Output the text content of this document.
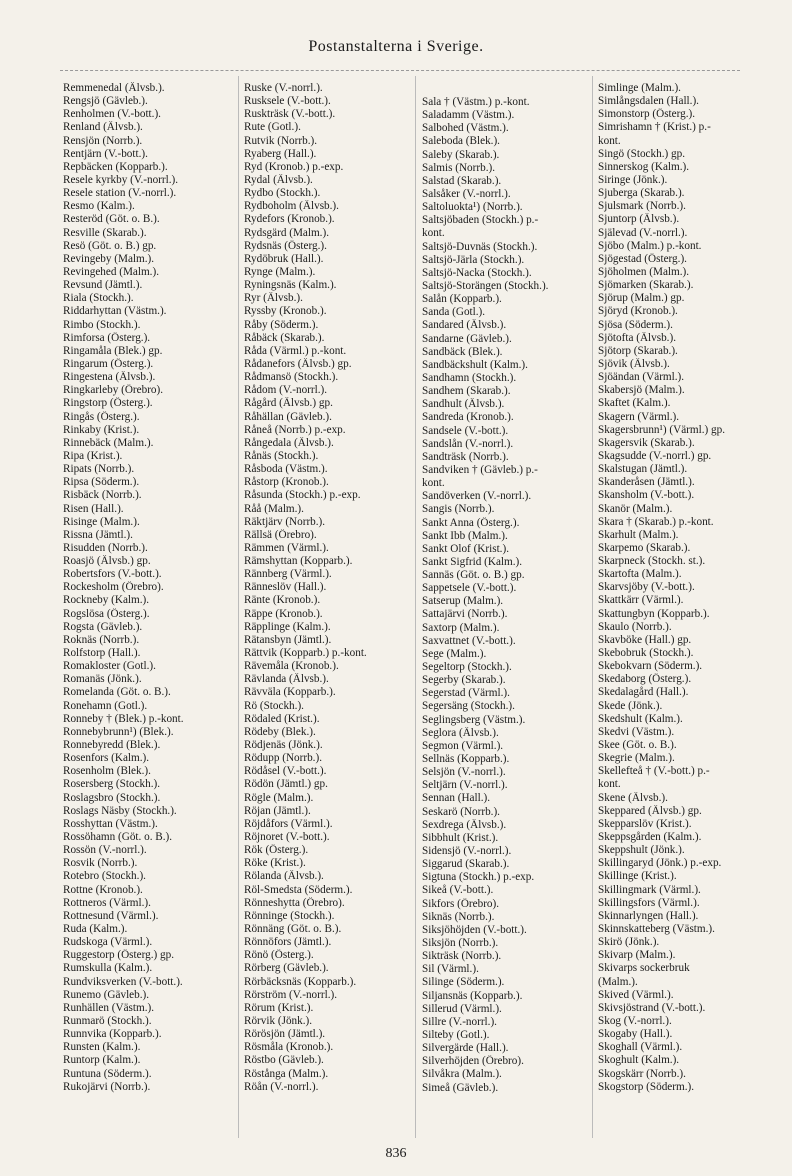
Postanstalterna i Sverige.
Remmenedal (Älvsb.).
Rengsjö (Gävleb.).
Renholmen (V.-bott.).
Renland (Älvsb.).
Rensjön (Norrb.).
Rentjärn (V.-bott.).
Repbäcken (Kopparb.).
Resele kyrkby (V.-norrl.).
Resele station (V.-norrl.).
Resmo (Kalm.).
Resteröd (Göt. o. B.).
Resville (Skarab.).
Resö (Göt. o. B.) gp.
Revingeby (Malm.).
Revingehed (Malm.).
Revsund (Jämtl.).
Riala (Stockh.).
Riddarhyttan (Västm.).
Rimbo (Stockh.).
Rimforsa (Österg.).
Ringamåla (Blek.) gp.
Ringarum (Österg.).
Ringestena (Älvsb.).
Ringkarleby (Örebro).
Ringstorp (Österg.).
Ringås (Österg.).
Rinkaby (Krist.).
Rinnebäck (Malm.).
Ripa (Krist.).
Ripats (Norrb.).
Ripsa (Söderm.).
Risbäck (Norrb.).
Risen (Hall.).
Risinge (Malm.).
Rissna (Jämtl.).
Risudden (Norrb.).
Roasjö (Älvsb.) gp.
Robertsfors (V.-bott.).
Rockesholm (Örebro).
Rockneby (Kalm.).
Rogslösa (Österg.).
Rogsta (Gävleb.).
Roknäs (Norrb.).
Rolfstorp (Hall.).
Romakloster (Gotl.).
Romanäs (Jönk.).
Romelanda (Göt. o. B.).
Ronehamn (Gotl.).
Ronneby † (Blek.) p.-kont.
Ronnebybrunn¹) (Blek.).
Ronnebyredd (Blek.).
Rosenfors (Kalm.).
Rosenholm (Blek.).
Rosersberg (Stockh.).
Roslagsbro (Stockh.).
Roslags Näsby (Stockh.).
Rosshyttan (Västm.).
Rossöhamn (Göt. o. B.).
Rossön (V.-norrl.).
Rosvik (Norrb.).
Rotebro (Stockh.).
Rottne (Kronob.).
Rottneros (Värml.).
Rottnesund (Värml.).
Ruda (Kalm.).
Rudskoga (Värml.).
Ruggestorp (Österg.) gp.
Rumskulla (Kalm.).
Rundviksverken (V.-bott.).
Runemo (Gävleb.).
Runhällen (Västm.).
Runmarö (Stockh.).
Runnvika (Kopparb.).
Runsten (Kalm.).
Runtorp (Kalm.).
Runtuna (Söderm.).
Rukojärvi (Norrb.).
Ruske (V.-norrl.).
Rusksele (V.-bott.).
Ruskträsk (V.-bott.).
Rute (Gotl.).
Rutvik (Norrb.).
Ryaberg (Hall.).
Ryd (Kronob.) p.-exp.
Rydal (Älvsb.).
Rydbo (Stockh.).
Rydboholm (Älvsb.).
Rydefors (Kronob.).
Rydsgärd (Malm.).
Rydsnäs (Österg.).
Rydöbruk (Hall.).
Rynge (Malm.).
Ryningsnäs (Kalm.).
Ryr (Älvsb.).
Ryssby (Kronob.).
Råby (Söderm.).
Råbäck (Skarab.).
Råda (Värml.) p.-kont.
Rådanefors (Älvsb.) gp.
Rådmansö (Stockh.).
Rådom (V.-norrl.).
Rågård (Älvsb.) gp.
Råhällan (Gävleb.).
Råneå (Norrb.) p.-exp.
Rångedala (Älvsb.).
Rånäs (Stockh.).
Råsboda (Västm.).
Råstorp (Kronob.).
Råsunda (Stockh.) p.-exp.
Råå (Malm.).
Räktjärv (Norrb.).
Rällsä (Örebro).
Rämmen (Värml.).
Rämshyttan (Kopparb.).
Rännberg (Värml.).
Ränneslöv (Hall.).
Ränte (Kronob.).
Räppe (Kronob.).
Räpplinge (Kalm.).
Rätansbyn (Jämtl.).
Rättvik (Kopparb.) p.-kont.
Rävemåla (Kronob.).
Rävlanda (Älvsb.).
Rävväla (Kopparb.).
Rö (Stockh.).
Rödaled (Krist.).
Rödeby (Blek.).
Rödjenäs (Jönk.).
Rödupp (Norrb.).
Rödåsel (V.-bott.).
Rödön (Jämtl.) gp.
Rögle (Malm.).
Röjan (Jämtl.).
Röjdåfors (Värml.).
Röjnoret (V.-bott.).
Rök (Österg.).
Röke (Krist.).
Rölanda (Älvsb.).
Röl-Smedsta (Söderm.).
Rönneshytta (Örebro).
Rönninge (Stockh.).
Rönnäng (Göt. o. B.).
Rönnöfors (Jämtl.).
Rönö (Österg.).
Rörberg (Gävleb.).
Rörbäcksnäs (Kopparb.).
Rörström (V.-norrl.).
Rörum (Krist.).
Rörvik (Jönk.).
Rörösjön (Jämtl.).
Rösmåla (Kronob.).
Röstbo (Gävleb.).
Röstånga (Malm.).
Röån (V.-norrl.).
Sala † (Västm.) p.-kont.
Saladamm (Västm.).
Salbohed (Västm.).
Saleboda (Blek.).
Saleby (Skarab.).
Salmis (Norrb.).
Salstad (Skarab.).
Salsåker (V.-norrl.).
Saltoluokta¹) (Norrb.).
Saltsjöbaden (Stockh.) p.-
kont.
Saltsjö-Duvnäs (Stockh.).
Saltsjö-Järla (Stockh.).
Saltsjö-Nacka (Stockh.).
Saltsjö-Storängen (Stockh.).
Salån (Kopparb.).
Sanda (Gotl.).
Sandared (Älvsb.).
Sandarne (Gävleb.).
Sandbäck (Blek.).
Sandbäckshult (Kalm.).
Sandhamn (Stockh.).
Sandhem (Skarab.).
Sandhult (Älvsb.).
Sandreda (Kronob.).
Sandsele (V.-bott.).
Sandslån (V.-norrl.).
Sandträsk (Norrb.).
Sandviken † (Gävleb.) p.-
kont.
Sandöverken (V.-norrl.).
Sangis (Norrb.).
Sankt Anna (Österg.).
Sankt Ibb (Malm.).
Sankt Olof (Krist.).
Sankt Sigfrid (Kalm.).
Sannäs (Göt. o. B.) gp.
Sappetsele (V.-bott.).
Satserup (Malm.).
Sattajärvi (Norrb.).
Saxtorp (Malm.).
Saxvattnet (V.-bott.).
Sege (Malm.).
Segeltorp (Stockh.).
Segerby (Skarab.).
Segerstad (Värml.).
Segersäng (Stockh.).
Seglingsberg (Västm.).
Seglora (Älvsb.).
Segmon (Värml.).
Sellnäs (Kopparb.).
Selsjön (V.-norrl.).
Seltjärn (V.-norrl.).
Sennan (Hall.).
Seskarö (Norrb.).
Sexdrega (Älvsb.).
Sibbhult (Krist.).
Sidensjö (V.-norrl.).
Siggarud (Skarab.).
Sigtuna (Stockh.) p.-exp.
Sikeå (V.-bott.).
Sikfors (Örebro).
Siknäs (Norrb.).
Siksjöhöjden (V.-bott.).
Siksjön (Norrb.).
Sikträsk (Norrb.).
Sil (Värml.).
Silinge (Söderm.).
Siljansnäs (Kopparb.).
Sillerud (Värml.).
Sillre (V.-norrl.).
Silteby (Gotl.).
Silvergärde (Hall.).
Silverhöjden (Örebro).
Silvåkra (Malm.).
Simeå (Gävleb.).
Simlinge (Malm.).
Simlångsdalen (Hall.).
Simonstorp (Österg.).
Simrishamn † (Krist.) p.-
kont.
Singö (Stockh.) gp.
Sinnerskog (Kalm.).
Siringe (Jönk.).
Sjuberga (Skarab.).
Sjulsmark (Norrb.).
Sjuntorp (Älvsb.).
Själevad (V.-norrl.).
Sjöbo (Malm.) p.-kont.
Sjögestad (Österg.).
Sjöholmen (Malm.).
Sjömarken (Skarab.).
Sjörup (Malm.) gp.
Sjöryd (Kronob.).
Sjösa (Söderm.).
Sjötofta (Älvsb.).
Sjötorp (Skarab.).
Sjövik (Älvsb.).
Sjöändan (Värml.).
Skabersjö (Malm.).
Skaftet (Kalm.).
Skagern (Värml.).
Skagersbrunn¹) (Värml.) gp.
Skagersvik (Skarab.).
Skagsudde (V.-norrl.) gp.
Skalstugan (Jämtl.).
Skanderåsen (Jämtl.).
Skansholm (V.-bott.).
Skanör (Malm.).
Skara † (Skarab.) p.-kont.
Skarhult (Malm.).
Skarpemo (Skarab.).
Skarpneck (Stockh. st.).
Skartofta (Malm.).
Skarvsjöby (V.-bott.).
Skattkärr (Värml.).
Skattungbyn (Kopparb.).
Skaulo (Norrb.).
Skavböke (Hall.) gp.
Skebobruk (Stockh.).
Skebokvarn (Söderm.).
Skedaborg (Österg.).
Skedalagård (Hall.).
Skede (Jönk.).
Skedshult (Kalm.).
Skedvi (Västm.).
Skee (Göt. o. B.).
Skegrie (Malm.).
Skellefteå † (V.-bott.) p.-
kont.
Skene (Älvsb.).
Skeppared (Älvsb.) gp.
Skepparslöv (Krist.).
Skeppsgården (Kalm.).
Skeppshult (Jönk.).
Skillingaryd (Jönk.) p.-exp.
Skillinge (Krist.).
Skillingmark (Värml.).
Skillingsfors (Värml.).
Skinnarlyngen (Hall.).
Skinnskatteberg (Västm.).
Skirö (Jönk.).
Skivarp (Malm.).
Skivarps sockerbruk
(Malm.).
Skived (Värml.).
Skivsjöstrand (V.-bott.).
Skog (V.-norrl.).
Skogaby (Hall.).
Skoghall (Värml.).
Skoghult (Kalm.).
Skogskärr (Norrb.).
Skogstorp (Söderm.).
836
